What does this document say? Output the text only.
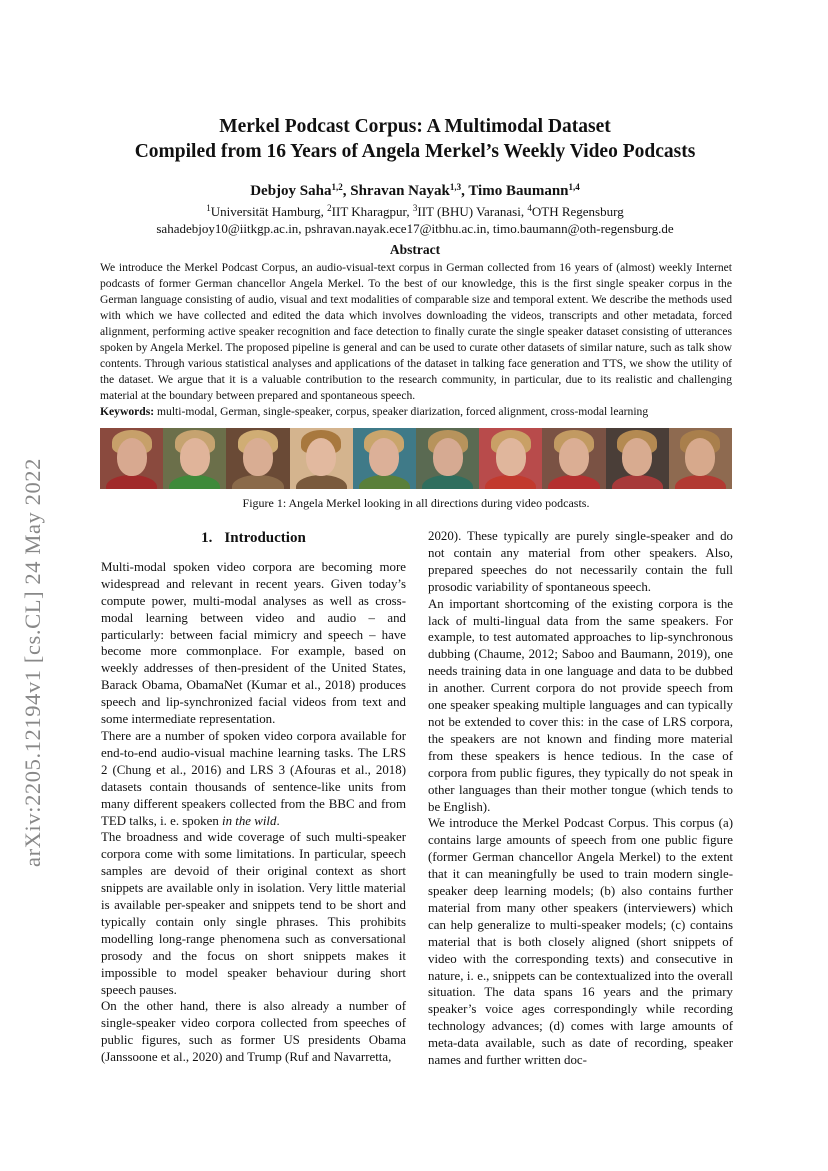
arXiv:2205.12194v1 [cs.CL] 24 May 2022
Merkel Podcast Corpus: A Multimodal Dataset
Compiled from 16 Years of Angela Merkel’s Weekly Video Podcasts
Debjoy Saha$^{1,2}$, Shravan Nayak$^{1,3}$, Timo Baumann$^{1,4}$
$^1$Universität Hamburg, $^2$IIT Kharagpur, $^3$IIT (BHU) Varanasi, $^4$OTH Regensburg
sahadebjoy10@iitkgp.ac.in, pshravan.nayak.ece17@itbhu.ac.in, timo.baumann@oth-regensburg.de
Abstract
We introduce the Merkel Podcast Corpus, an audio-visual-text corpus in German collected from 16 years of (almost) weekly Internet podcasts of former German chancellor Angela Merkel. To the best of our knowledge, this is the first single speaker corpus in the German language consisting of audio, visual and text modalities of comparable size and temporal extent. We describe the methods used with which we have collected and edited the data which involves downloading the videos, transcripts and other metadata, forced alignment, performing active speaker recognition and face detection to finally curate the single speaker dataset consisting of utterances spoken by Angela Merkel. The proposed pipeline is general and can be used to curate other datasets of similar nature, such as talk show contents. Through various statistical analyses and applications of the dataset in talking face generation and TTS, we show the utility of the dataset. We argue that it is a valuable contribution to the research community, in particular, due to its realistic and challenging material at the boundary between prepared and spontaneous speech.
Keywords: multi-modal, German, single-speaker, corpus, speaker diarization, forced alignment, cross-modal learning
Figure 1: Angela Merkel looking in all directions during video podcasts.
1. Introduction

Multi-modal spoken video corpora are becoming more widespread and relevant in recent years. Given today’s compute power, multi-modal analyses as well as cross-modal learning between video and audio – and particularly: between facial mimicry and speech – have become more commonplace. For example, based on weekly addresses of then-president of the United States, Barack Obama, ObamaNet (Kumar et al., 2018) produces speech and lip-synchronized facial videos from text and some intermediate representation.

There are a number of spoken video corpora available for end-to-end audio-visual machine learning tasks. The LRS 2 (Chung et al., 2016) and LRS 3 (Afouras et al., 2018) datasets contain thousands of sentence-like units from many different speakers collected from the BBC and from TED talks, i. e. spoken in the wild.

The broadness and wide coverage of such multi-speaker corpora come with some limitations. In particular, speech samples are devoid of their original context as short snippets are available only in isolation. Very little material is available per-speaker and snippets tend to be short and typically contain only single phrases. This prohibits modelling long-range phenomena such as conversational prosody and the focus on short snippets makes it impossible to model speaker behaviour during short speech pauses.

On the other hand, there is also already a number of single-speaker video corpora collected from speeches of public figures, such as former US presidents Obama (Janssoone et al., 2020) and Trump (Ruf and Navarretta,

2020). These typically are purely single-speaker and do not contain any material from other speakers. Also, prepared speeches do not necessarily contain the full prosodic variability of spontaneous speech.

An important shortcoming of the existing corpora is the lack of multi-lingual data from the same speakers. For example, to test automated approaches to lip-synchronous dubbing (Chaume, 2012; Saboo and Baumann, 2019), one needs training data in one language and data to be dubbed in another. Current corpora do not provide speech from one speaker speaking multiple languages and can typically not be extended to cover this: in the case of LRS corpora, the speakers are not known and finding more material from these speakers is hence tedious. In the case of corpora from public figures, they typically do not speak in other languages than their mother tongue (which tends to be English).

We introduce the Merkel Podcast Corpus. This corpus (a) contains large amounts of speech from one public figure (former German chancellor Angela Merkel) to the extent that it can meaningfully be used to train modern single-speaker deep learning models; (b) also contains further material from many other speakers (interviewers) which can help generalize to multi-speaker models; (c) contains material that is both closely aligned (short snippets of video with the corresponding texts) and consecutive in nature, i. e., snippets can be contextualized into the overall situation. The data spans 16 years and the primary speaker’s voice ages correspondingly while recording technology advances; (d) comes with large amounts of meta-data available, such as date of recording, speaker names and further written doc-
